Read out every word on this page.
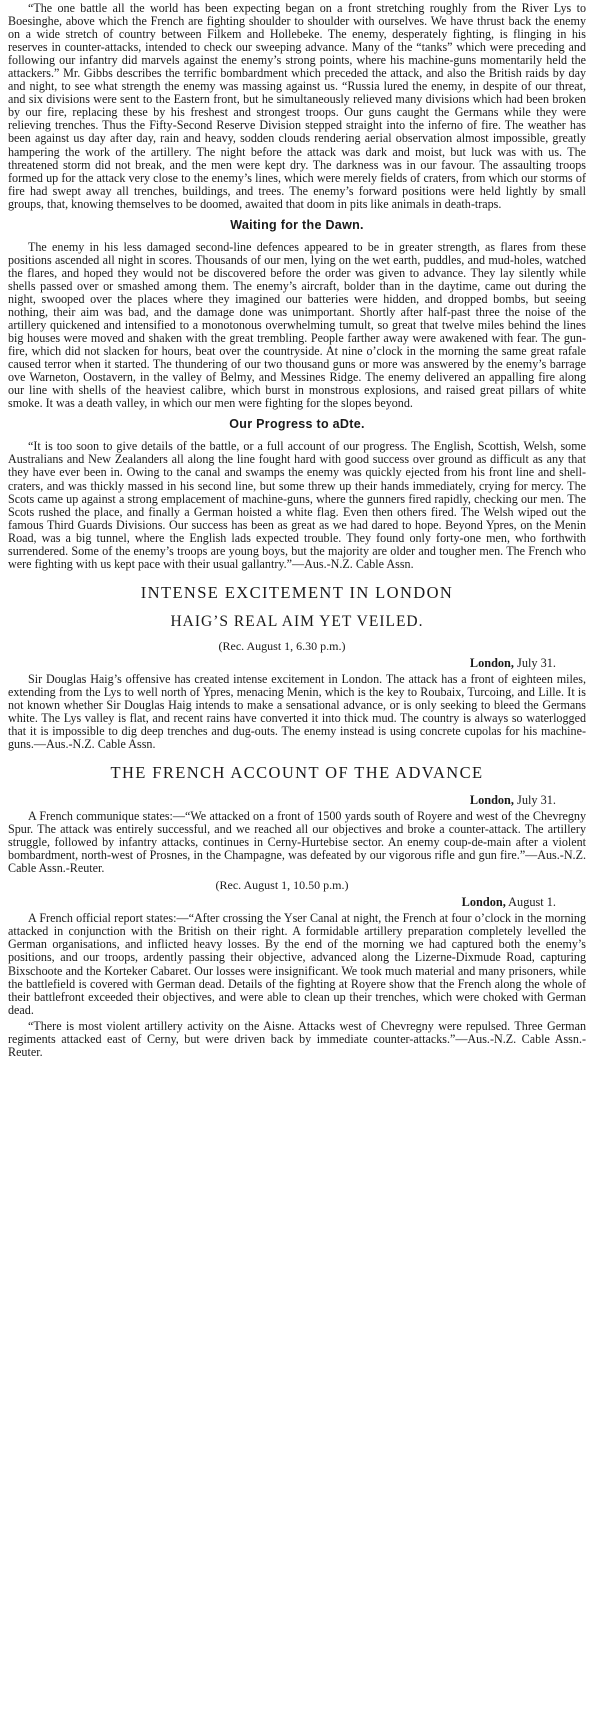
“The one battle all the world has been expecting began on a front stretching roughly from the River Lys to Boesinghe, above which the French are fighting shoulder to shoulder with ourselves. We have thrust back the enemy on a wide stretch of country between Filkem and Hollebeke. The enemy, desperately fighting, is flinging in his reserves in counter-attacks, intended to check our sweeping advance. Many of the “tanks” which were preceding and following our infantry did marvels against the enemy’s strong points, where his machine-guns momentarily held the attackers.” Mr. Gibbs describes the terrific bombardment which preceded the attack, and also the British raids by day and night, to see what strength the enemy was massing against us. “Russia lured the enemy, in despite of our threat, and six divisions were sent to the Eastern front, but he simultaneously relieved many divisions which had been broken by our fire, replacing these by his freshest and strongest troops. Our guns caught the Germans while they were relieving trenches. Thus the Fifty-Second Reserve Division stepped straight into the inferno of fire. The weather has been against us day after day, rain and heavy, sodden clouds rendering aerial observation almost impossible, greatly hampering the work of the artillery. The night before the attack was dark and moist, but luck was with us. The threatened storm did not break, and the men were kept dry. The darkness was in our favour. The assaulting troops formed up for the attack very close to the enemy’s lines, which were merely fields of craters, from which our storms of fire had swept away all trenches, buildings, and trees. The enemy’s forward positions were held lightly by small groups, that, knowing themselves to be doomed, awaited that doom in pits like animals in death-traps.

Waiting for the Dawn.

The enemy in his less damaged second-line defences appeared to be in greater strength, as flares from these positions ascended all night in scores. Thousands of our men, lying on the wet earth, puddles, and mud-holes, watched the flares, and hoped they would not be discovered before the order was given to advance. They lay silently while shells passed over or smashed among them. The enemy’s aircraft, bolder than in the daytime, came out during the night, swooped over the places where they imagined our batteries were hidden, and dropped bombs, but seeing nothing, their aim was bad, and the damage done was unimportant. Shortly after half-past three the noise of the artillery quickened and intensified to a monotonous overwhelming tumult, so great that twelve miles behind the lines big houses were moved and shaken with the great trembling. People farther away were awakened with fear. The gun-fire, which did not slacken for hours, beat over the countryside. At nine o’clock in the morning the same great rafale caused terror when it started. The thundering of our two thousand guns or more was answered by the enemy’s barrage ove Warneton, Oostavern, in the valley of Belmy, and Messines Ridge. The enemy delivered an appalling fire along our line with shells of the heaviest calibre, which burst in monstrous explosions, and raised great pillars of white smoke. It was a death valley, in which our men were fighting for the slopes beyond.

Our Progress to aDte.

“It is too soon to give details of the battle, or a full account of our progress. The English, Scottish, Welsh, some Australians and New Zealanders all along the line fought hard with good success over ground as difficult as any that they have ever been in. Owing to the canal and swamps the enemy was quickly ejected from his front line and shell-craters, and was thickly massed in his second line, but some threw up their hands immediately, crying for mercy. The Scots came up against a strong emplacement of machine-guns, where the gunners fired rapidly, checking our men. The Scots rushed the place, and finally a German hoisted a white flag. Even then others fired. The Welsh wiped out the famous Third Guards Divisions. Our success has been as great as we had dared to hope. Beyond Ypres, on the Menin Road, was a big tunnel, where the English lads expected trouble. They found only forty-one men, who forthwith surrendered. Some of the enemy’s troops are young boys, but the majority are older and tougher men. The French who were fighting with us kept pace with their usual gallantry.”—Aus.-N.Z. Cable Assn.

INTENSE EXCITEMENT IN LONDON
HAIG’S REAL AIM YET VEILED.
(Rec. August 1, 6.30 p.m.)
London, July 31.

Sir Douglas Haig’s offensive has created intense excitement in London. The attack has a front of eighteen miles, extending from the Lys to well north of Ypres, menacing Menin, which is the key to Roubaix, Turcoing, and Lille. It is not known whether Sir Douglas Haig intends to make a sensational advance, or is only seeking to bleed the Germans white. The Lys valley is flat, and recent rains have converted it into thick mud. The country is always so waterlogged that it is impossible to dig deep trenches and dug-outs. The enemy instead is using concrete cupolas for his machine-guns.—Aus.-N.Z. Cable Assn.

THE FRENCH ACCOUNT OF THE ADVANCE
London, July 31.

A French communique states:—“We attacked on a front of 1500 yards south of Royere and west of the Chevregny Spur. The attack was entirely successful, and we reached all our objectives and broke a counter-attack. The artillery struggle, followed by infantry attacks, continues in Cerny-Hurtebise sector. An enemy coup-de-main after a violent bombardment, north-west of Prosnes, in the Champagne, was defeated by our vigorous rifle and gun fire.”—Aus.-N.Z. Cable Assn.-Reuter.

(Rec. August 1, 10.50 p.m.)
London, August 1.

A French official report states:—“After crossing the Yser Canal at night, the French at four o’clock in the morning attacked in conjunction with the British on their right. A formidable artillery preparation completely levelled the German organisations, and inflicted heavy losses. By the end of the morning we had captured both the enemy’s positions, and our troops, ardently passing their objective, advanced along the Lizerne-Dixmude Road, capturing Bixschoote and the Korteker Cabaret. Our losses were insignificant. We took much material and many prisoners, while the battlefield is covered with German dead. Details of the fighting at Royere show that the French along the whole of their battlefront exceeded their objectives, and were able to clean up their trenches, which were choked with German dead.

“There is most violent artillery activity on the Aisne. Attacks west of Chevregny were repulsed. Three German regiments attacked east of Cerny, but were driven back by immediate counter-attacks.”—Aus.-N.Z. Cable Assn.-Reuter.
